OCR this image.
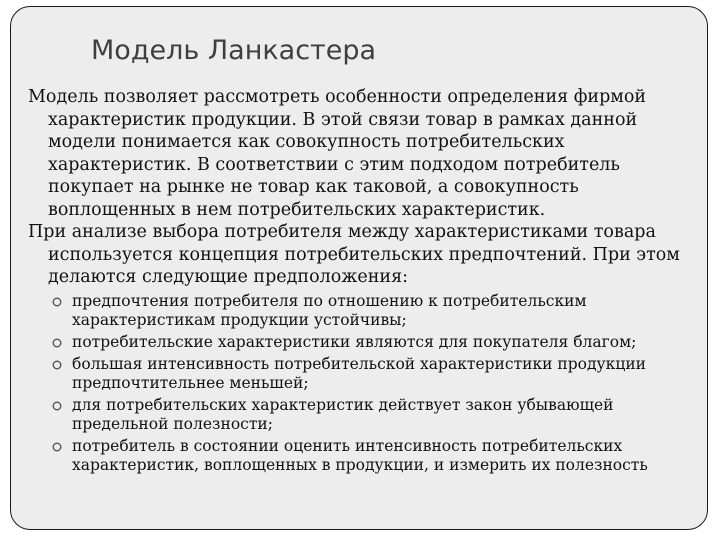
Модель Ланкастера

Модель позволяет рассмотреть особенности определения фирмой характеристик продукции. В этой связи товар в рамках данной модели понимается как совокупность потребительских характеристик. В соответствии с этим подходом потребитель покупает на рынке не товар как таковой, а совокупность воплощенных в нем потребительских характеристик.

При анализе выбора потребителя между характеристиками товара используется концепция потребительских предпочтений. При этом делаются следующие предположения:

предпочтения потребителя по отношению к потребительским характеристикам продукции устойчивы;
потребительские характеристики являются для покупателя благом;
большая интенсивность потребительской характеристики продукции предпочтительнее меньшей;
для потребительских характеристик действует закон убывающей предельной полезности;
потребитель в состоянии оценить интенсивность потребительских характеристик, воплощенных в продукции, и измерить их полезность
